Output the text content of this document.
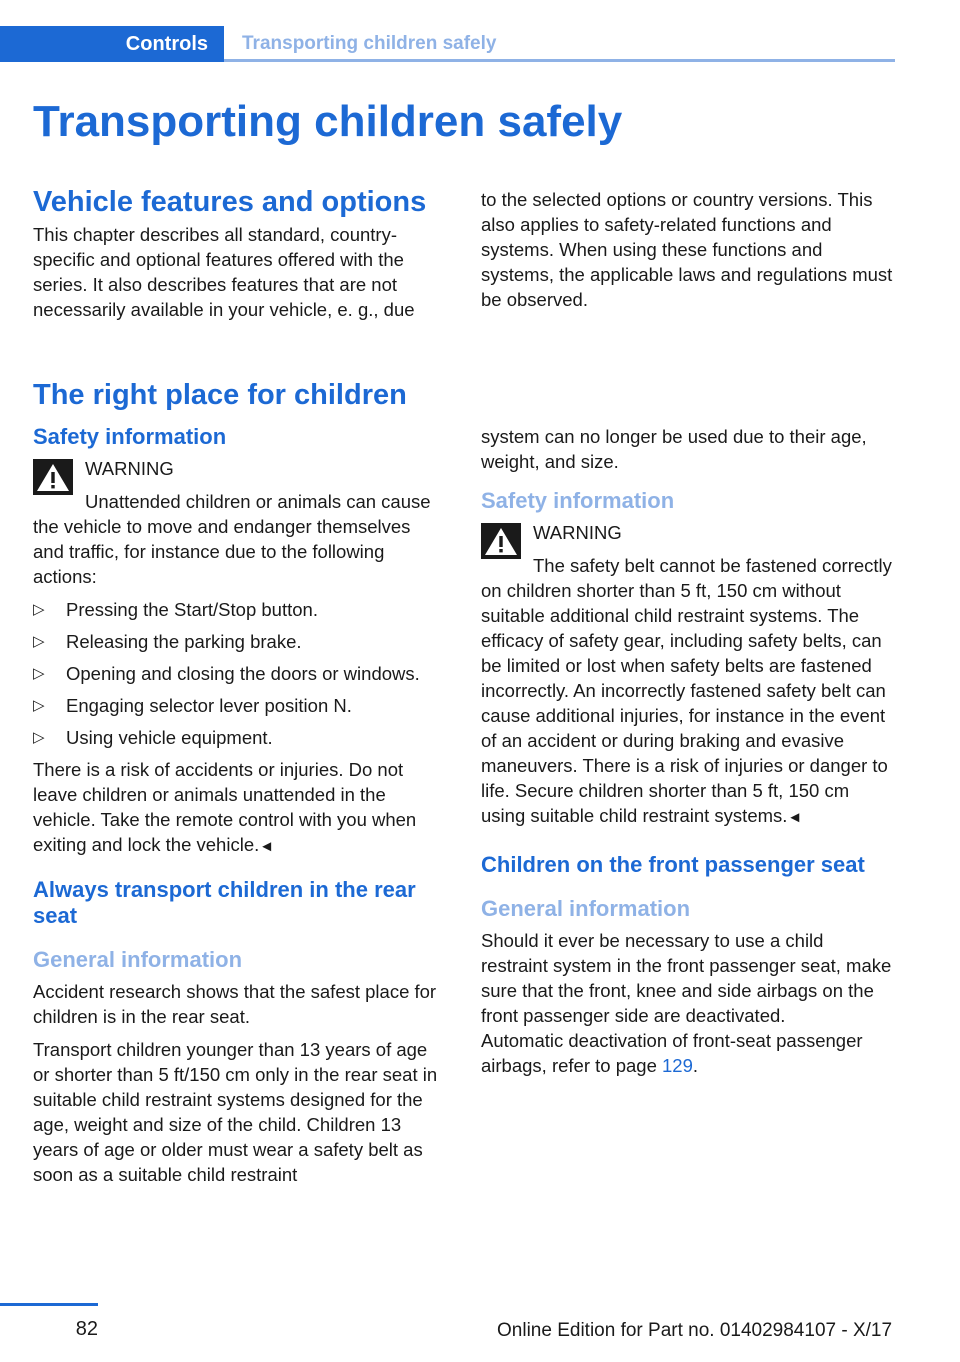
Controls	Transporting children safely
Transporting children safely
Vehicle features and options

This chapter describes all standard, country-specific and optional features offered with the series. It also describes features that are not necessarily available in your vehicle, e. g., due

to the selected options or country versions. This also applies to safety-related functions and systems. When using these functions and systems, the applicable laws and regulations must be observed.

The right place for children
Safety information

WARNING

Unattended children or animals can cause the vehicle to move and endanger themselves and traffic, for instance due to the following actions:

▷ Pressing the Start/Stop button.
▷ Releasing the parking brake.
▷ Opening and closing the doors or windows.
▷ Engaging selector lever position N.
▷ Using vehicle equipment.

There is a risk of accidents or injuries. Do not leave children or animals unattended in the vehicle. Take the remote control with you when exiting and lock the vehicle.◄

Always transport children in the rear seat
General information

Accident research shows that the safest place for children is in the rear seat.

Transport children younger than 13 years of age or shorter than 5 ft/150 cm only in the rear seat in suitable child restraint systems designed for the age, weight and size of the child. Children 13 years of age or older must wear a safety belt as soon as a suitable child restraint

system can no longer be used due to their age, weight, and size.

Safety information

WARNING

The safety belt cannot be fastened correctly on children shorter than 5 ft, 150 cm without suitable additional child restraint systems. The efficacy of safety gear, including safety belts, can be limited or lost when safety belts are fastened incorrectly. An incorrectly fastened safety belt can cause additional injuries, for instance in the event of an accident or during braking and evasive maneuvers. There is a risk of injuries or danger to life. Secure children shorter than 5 ft, 150 cm using suitable child restraint systems.◄

Children on the front passenger seat
General information

Should it ever be necessary to use a child restraint system in the front passenger seat, make sure that the front, knee and side airbags on the front passenger side are deactivated.

Automatic deactivation of front-seat passenger airbags, refer to page 129.

82	Online Edition for Part no. 01402984107 - X/17
